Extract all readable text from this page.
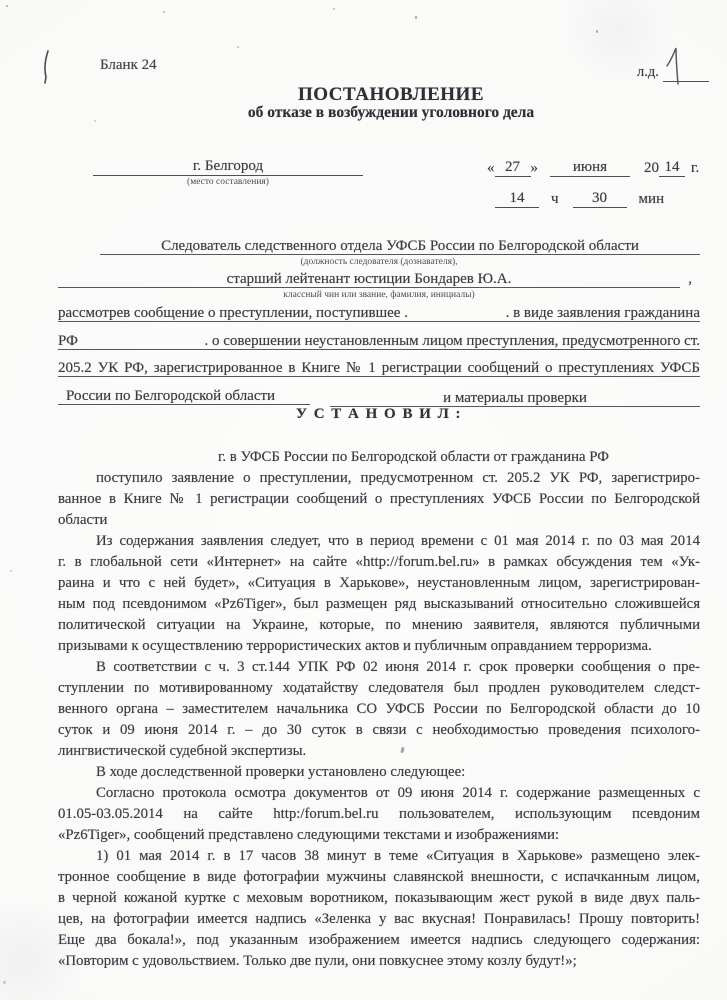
Бланк 24	л.д.
ПОСТАНОВЛЕНИЕ
об отказе в возбуждении уголовного дела
г. Белгород
(место составления)
« 27 »	июня	20 14 г.
14	ч	30	мин
Следователь следственного отдела УФСБ России по Белгородской области
(должность следователя (дознавателя),
старший лейтенант юстиции Бондарев Ю.А.	,
классный чин или звание, фамилия, инициалы)
рассмотрев сообщение о преступлении, поступившее .	. в виде заявления гражданина
РФ	. о совершении неустановленным лицом преступления, предусмотренного ст.
205.2 УК РФ, зарегистрированное в Книге № 1 регистрации сообщений о преступлениях УФСБ
России по Белгородской области	и материалы проверки
У С Т А Н О В И Л :
г. в УФСБ России по Белгородской области от гражданина РФ
поступило заявление о преступлении, предусмотренном ст. 205.2 УК РФ, зарегистриро-
ванное в Книге № 1 регистрации сообщений о преступлениях УФСБ России по Белгородской
области
Из содержания заявления следует, что в период времени с 01 мая 2014 г. по 03 мая 2014
г. в глобальной сети «Интернет» на сайте «http://forum.bel.ru» в рамках обсуждения тем «Ук-
раина и что с ней будет», «Ситуация в Харькове», неустановленным лицом, зарегистрирован-
ным под псевдонимом «Pz6Tiger», был размещен ряд высказываний относительно сложившейся
политической ситуации на Украине, которые, по мнению заявителя, являются публичными
призывами к осуществлению террористических актов и публичным оправданием терроризма.
В соответствии с ч. 3 ст.144 УПК РФ 02 июня 2014 г. срок проверки сообщения о пре-
ступлении по мотивированному ходатайству следователя был продлен руководителем следст-
венного органа – заместителем начальника СО УФСБ России по Белгородской области до 10
суток и 09 июня 2014 г. – до 30 суток в связи с необходимостью проведения психолого-
лингвистической судебной экспертизы.
В ходе доследственной проверки установлено следующее:
Согласно протокола осмотра документов от 09 июня 2014 г. содержание размещенных с
01.05-03.05.2014 на сайте http:/forum.bel.ru пользователем, использующим псевдоним
«Pz6Tiger», сообщений представлено следующими текстами и изображениями:
1) 01 мая 2014 г. в 17 часов 38 минут в теме «Ситуация в Харькове» размещено элек-
тронное сообщение в виде фотографии мужчины славянской внешности, с испачканным лицом,
в черной кожаной куртке с меховым воротником, показывающим жест рукой в виде двух паль-
цев, на фотографии имеется надпись «Зеленка у вас вкусная! Понравилась! Прошу повторить!
Еще два бокала!», под указанным изображением имеется надпись следующего содержания:
«Повторим с удовольствием. Только две пули, они повкуснее этому козлу будут!»;
